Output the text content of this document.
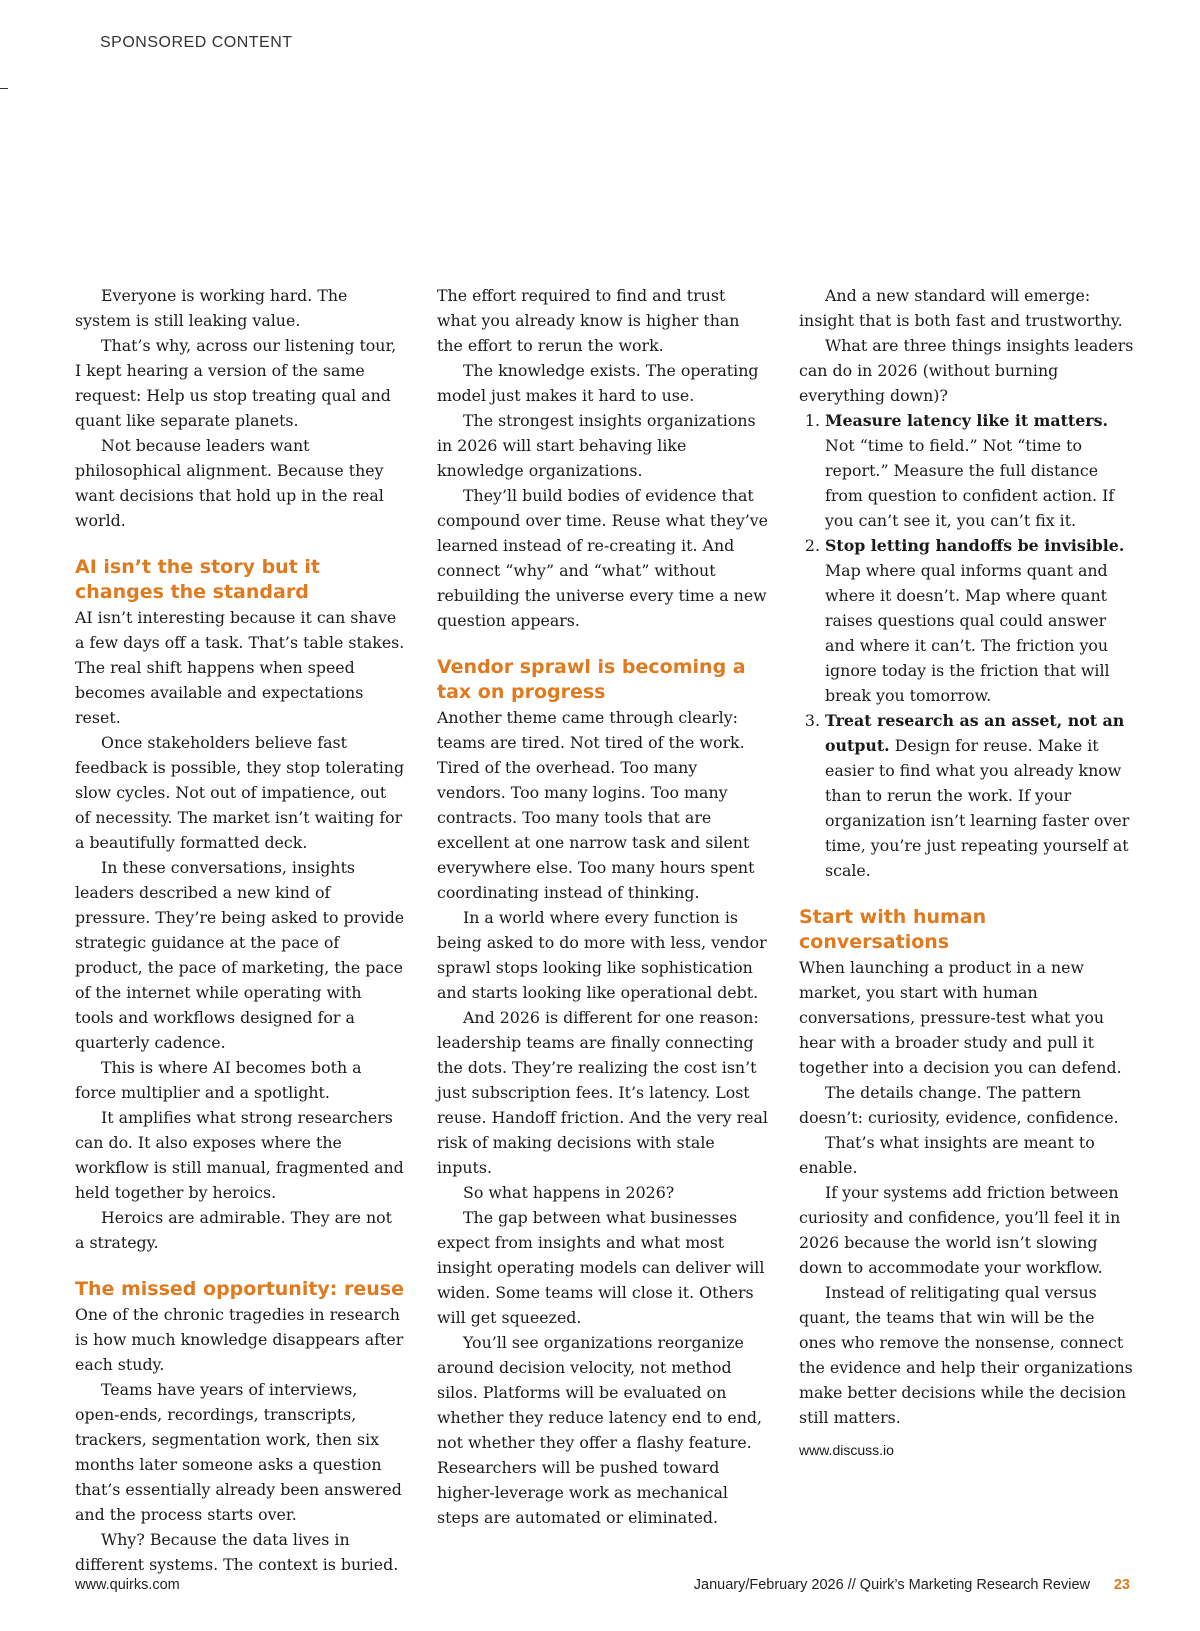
SPONSORED CONTENT

Everyone is working hard. The system is still leaking value.

That’s why, across our listening tour, I kept hearing a version of the same request: Help us stop treating qual and quant like separate planets.

Not because leaders want philosophical alignment. Because they want decisions that hold up in the real world.

AI isn’t the story but it changes the standard

AI isn’t interesting because it can shave a few days off a task. That’s table stakes. The real shift happens when speed becomes available and expectations reset.

Once stakeholders believe fast feedback is possible, they stop tolerating slow cycles. Not out of impatience, out of necessity. The market isn’t waiting for a beautifully formatted deck.

In these conversations, insights leaders described a new kind of pressure. They’re being asked to provide strategic guidance at the pace of product, the pace of marketing, the pace of the internet while operating with tools and workflows designed for a quarterly cadence.

This is where AI becomes both a force multiplier and a spotlight.

It amplifies what strong researchers can do. It also exposes where the workflow is still manual, fragmented and held together by heroics.

Heroics are admirable. They are not a strategy.

The missed opportunity: reuse

One of the chronic tragedies in research is how much knowledge disappears after each study.

Teams have years of interviews, open-ends, recordings, transcripts, trackers, segmentation work, then six months later someone asks a question that’s essentially already been answered and the process starts over.

Why? Because the data lives in different systems. The context is buried.

The effort required to find and trust what you already know is higher than the effort to rerun the work.

The knowledge exists. The operating model just makes it hard to use.

The strongest insights organizations in 2026 will start behaving like knowledge organizations.

They’ll build bodies of evidence that compound over time. Reuse what they’ve learned instead of re-creating it. And connect “why” and “what” without rebuilding the universe every time a new question appears.

Vendor sprawl is becoming a tax on progress

Another theme came through clearly: teams are tired. Not tired of the work. Tired of the overhead. Too many vendors. Too many logins. Too many contracts. Too many tools that are excellent at one narrow task and silent everywhere else. Too many hours spent coordinating instead of thinking.

In a world where every function is being asked to do more with less, vendor sprawl stops looking like sophistication and starts looking like operational debt.

And 2026 is different for one reason: leadership teams are finally connecting the dots. They’re realizing the cost isn’t just subscription fees. It’s latency. Lost reuse. Handoff friction. And the very real risk of making decisions with stale inputs.

So what happens in 2026?

The gap between what businesses expect from insights and what most insight operating models can deliver will widen. Some teams will close it. Others will get squeezed.

You’ll see organizations reorganize around decision velocity, not method silos. Platforms will be evaluated on whether they reduce latency end to end, not whether they offer a flashy feature. Researchers will be pushed toward higher-leverage work as mechanical steps are automated or eliminated.

And a new standard will emerge: insight that is both fast and trustworthy.

What are three things insights leaders can do in 2026 (without burning everything down)?

1. Measure latency like it matters. Not “time to field.” Not “time to report.” Measure the full distance from question to confident action. If you can’t see it, you can’t fix it.
2. Stop letting handoffs be invisible. Map where qual informs quant and where it doesn’t. Map where quant raises questions qual could answer and where it can’t. The friction you ignore today is the friction that will break you tomorrow.
3. Treat research as an asset, not an output. Design for reuse. Make it easier to find what you already know than to rerun the work. If your organization isn’t learning faster over time, you’re just repeating yourself at scale.
Start with human conversations

When launching a product in a new market, you start with human conversations, pressure-test what you hear with a broader study and pull it together into a decision you can defend.

The details change. The pattern doesn’t: curiosity, evidence, confidence.

That’s what insights are meant to enable.

If your systems add friction between curiosity and confidence, you’ll feel it in 2026 because the world isn’t slowing down to accommodate your workflow.

Instead of relitigating qual versus quant, the teams that win will be the ones who remove the nonsense, connect the evidence and help their organizations make better decisions while the decision still matters.

www.discuss.io
www.quirks.com	January/February 2026 // Quirk’s Marketing Research Review 23
